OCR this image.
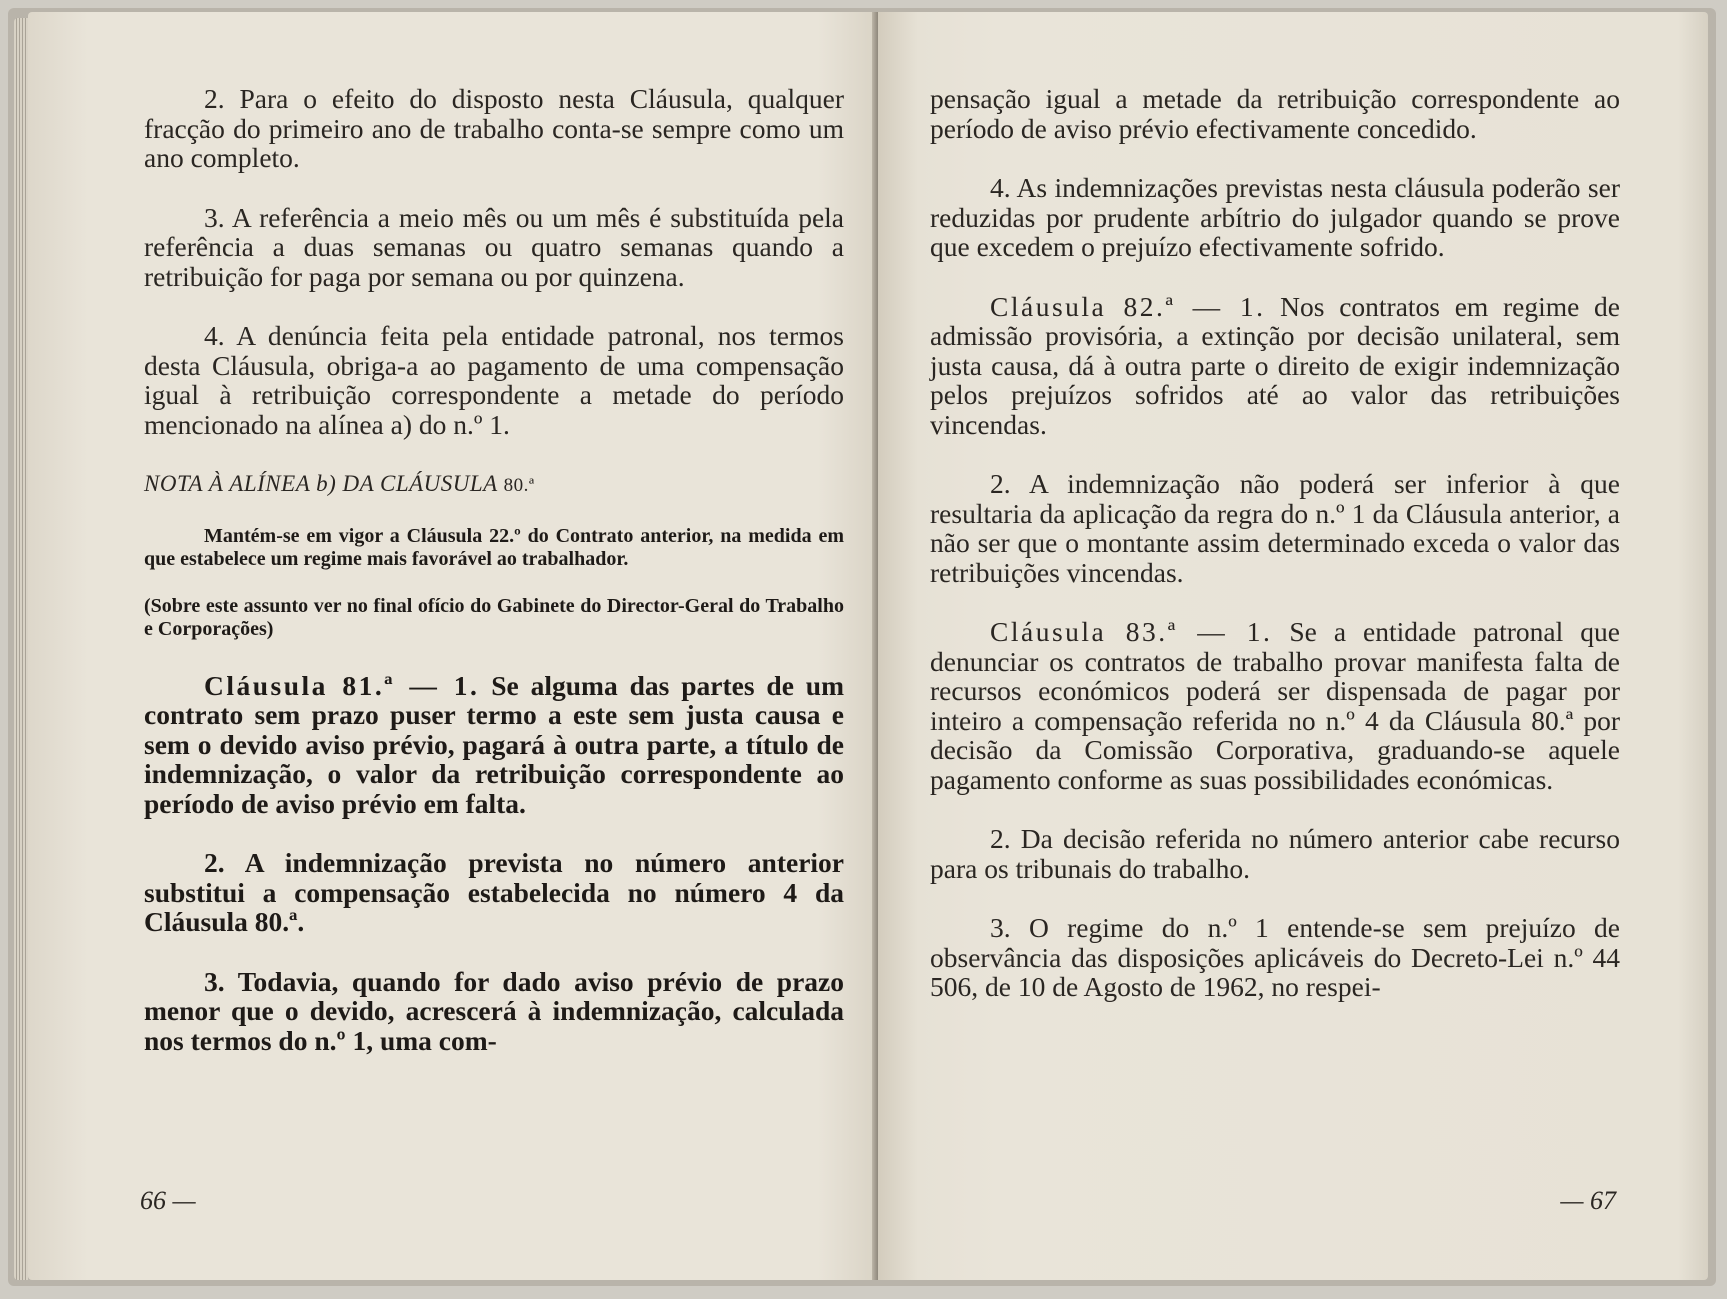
2. Para o efeito do disposto nesta Cláusula, qualquer fracção do primeiro ano de trabalho conta-se sempre como um ano completo.

3. A referência a meio mês ou um mês é substituída pela referência a duas semanas ou quatro semanas quando a retribuição for paga por semana ou por quinzena.

4. A denúncia feita pela entidade patronal, nos termos desta Cláusula, obriga-a ao pagamento de uma compensação igual à retribuição correspondente a metade do período mencionado na alínea a) do n.º 1.

NOTA À ALÍNEA b) DA CLÁUSULA 80.ª

Mantém-se em vigor a Cláusula 22.º do Contrato anterior, na medida em que estabelece um regime mais favorável ao trabalhador.

(Sobre este assunto ver no final ofício do Gabinete do Director-Geral do Trabalho e Corporações)

Cláusula 81.ª — 1. Se alguma das partes de um contrato sem prazo puser termo a este sem justa causa e sem o devido aviso prévio, pagará à outra parte, a título de indemnização, o valor da retribuição correspondente ao período de aviso prévio em falta.

2. A indemnização prevista no número anterior substitui a compensação estabelecida no número 4 da Cláusula 80.ª.

3. Todavia, quando for dado aviso prévio de prazo menor que o devido, acrescerá à indemnização, calculada nos termos do n.º 1, uma com-

66 —

pensação igual a metade da retribuição correspondente ao período de aviso prévio efectivamente concedido.

4. As indemnizações previstas nesta cláusula poderão ser reduzidas por prudente arbítrio do julgador quando se prove que excedem o prejuízo efectivamente sofrido.

Cláusula 82.ª — 1. Nos contratos em regime de admissão provisória, a extinção por decisão unilateral, sem justa causa, dá à outra parte o direito de exigir indemnização pelos prejuízos sofridos até ao valor das retribuições vincendas.

2. A indemnização não poderá ser inferior à que resultaria da aplicação da regra do n.º 1 da Cláusula anterior, a não ser que o montante assim determinado exceda o valor das retribuições vincendas.

Cláusula 83.ª — 1. Se a entidade patronal que denunciar os contratos de trabalho provar manifesta falta de recursos económicos poderá ser dispensada de pagar por inteiro a compensação referida no n.º 4 da Cláusula 80.ª por decisão da Comissão Corporativa, graduando-se aquele pagamento conforme as suas possibilidades económicas.

2. Da decisão referida no número anterior cabe recurso para os tribunais do trabalho.

3. O regime do n.º 1 entende-se sem prejuízo de observância das disposições aplicáveis do Decreto-Lei n.º 44 506, de 10 de Agosto de 1962, no respei-

— 67
